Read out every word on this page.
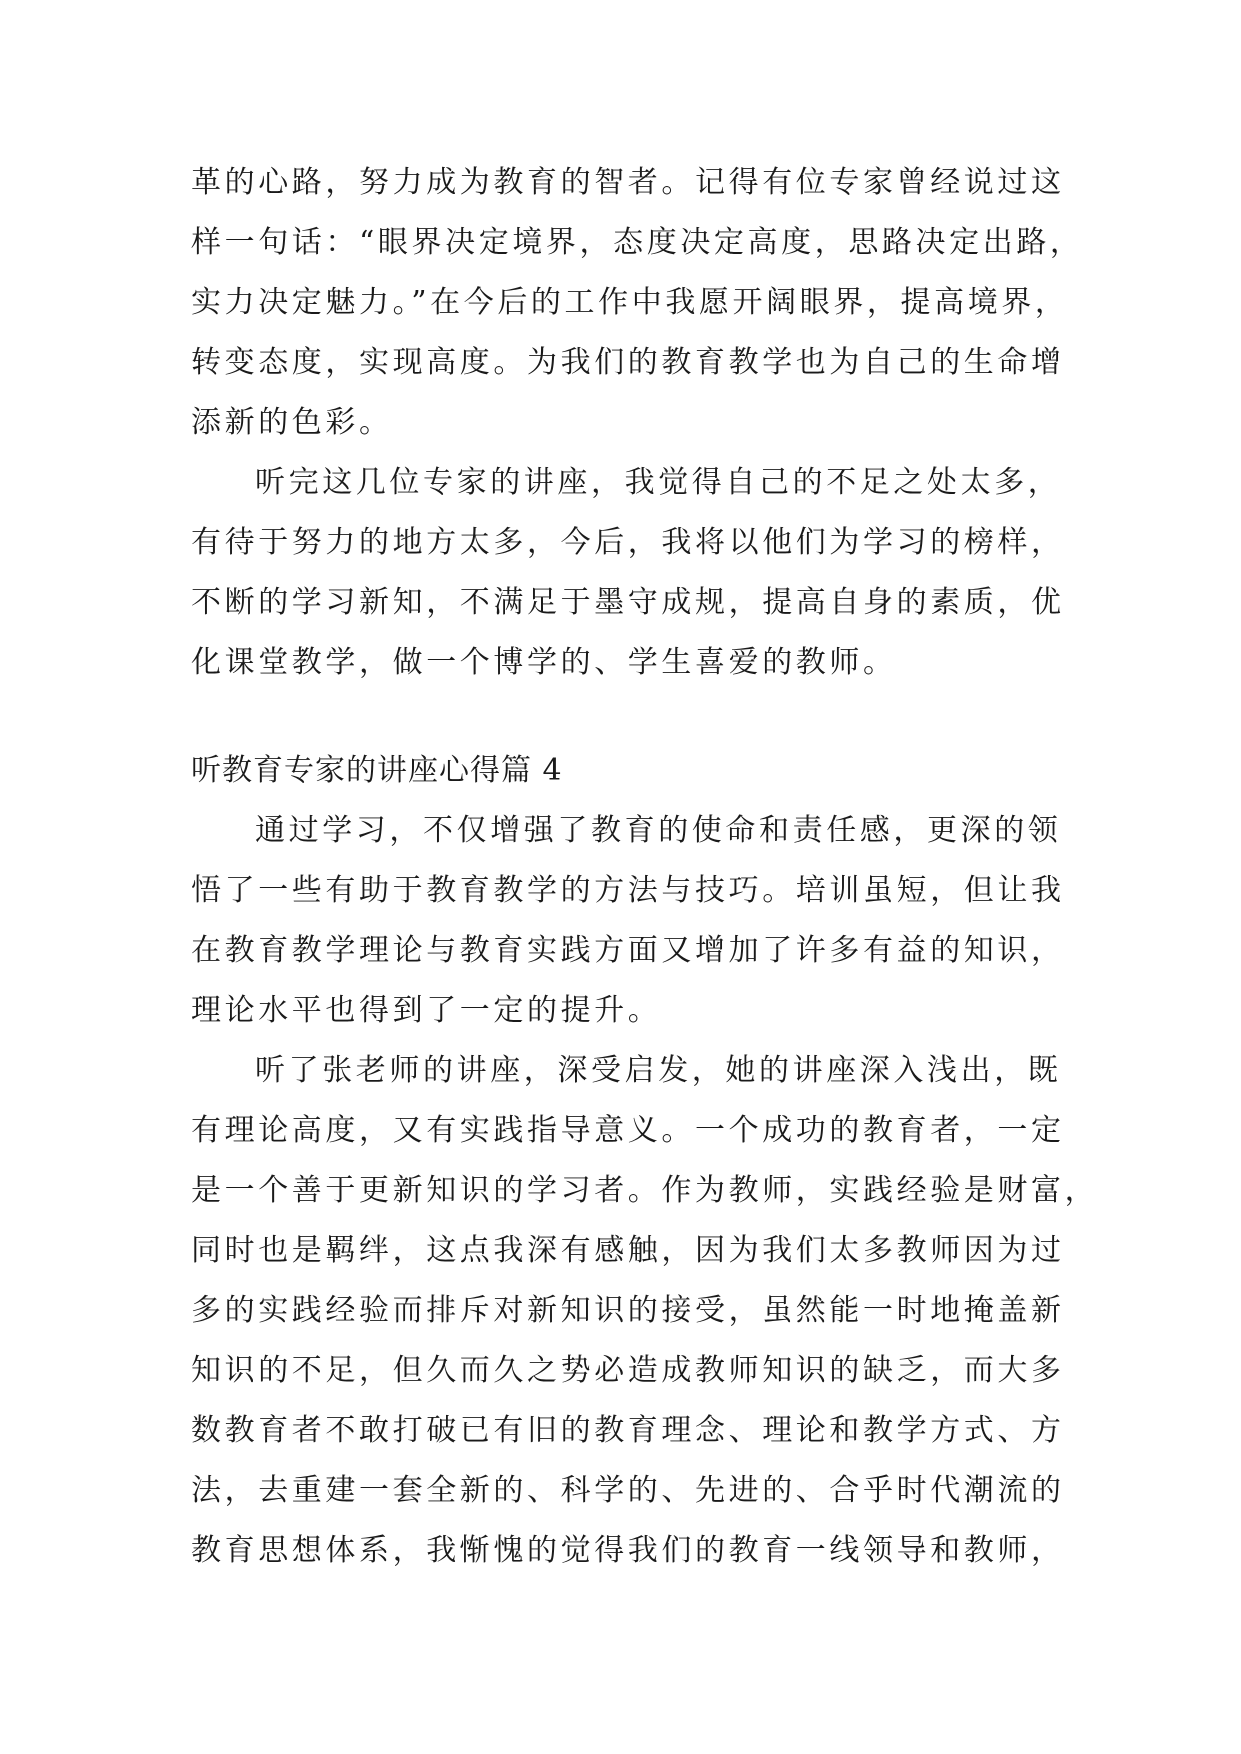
革的心路，努力成为教育的智者。记得有位专家曾经说过这
样一句话：“眼界决定境界，态度决定高度，思路决定出路，
实力决定魅力。”在今后的工作中我愿开阔眼界，提高境界，
转变态度，实现高度。为我们的教育教学也为自己的生命增
添新的色彩。
听完这几位专家的讲座，我觉得自己的不足之处太多，
有待于努力的地方太多，今后，我将以他们为学习的榜样，
不断的学习新知，不满足于墨守成规，提高自身的素质，优
化课堂教学，做一个博学的、学生喜爱的教师。
听教育专家的讲座心得篇 4
通过学习，不仅增强了教育的使命和责任感，更深的领
悟了一些有助于教育教学的方法与技巧。培训虽短，但让我
在教育教学理论与教育实践方面又增加了许多有益的知识，
理论水平也得到了一定的提升。
听了张老师的讲座，深受启发，她的讲座深入浅出，既
有理论高度，又有实践指导意义。一个成功的教育者，一定
是一个善于更新知识的学习者。作为教师，实践经验是财富，
同时也是羁绊，这点我深有感触，因为我们太多教师因为过
多的实践经验而排斥对新知识的接受，虽然能一时地掩盖新
知识的不足，但久而久之势必造成教师知识的缺乏，而大多
数教育者不敢打破已有旧的教育理念、理论和教学方式、方
法，去重建一套全新的、科学的、先进的、合乎时代潮流的
教育思想体系，我惭愧的觉得我们的教育一线领导和教师，
